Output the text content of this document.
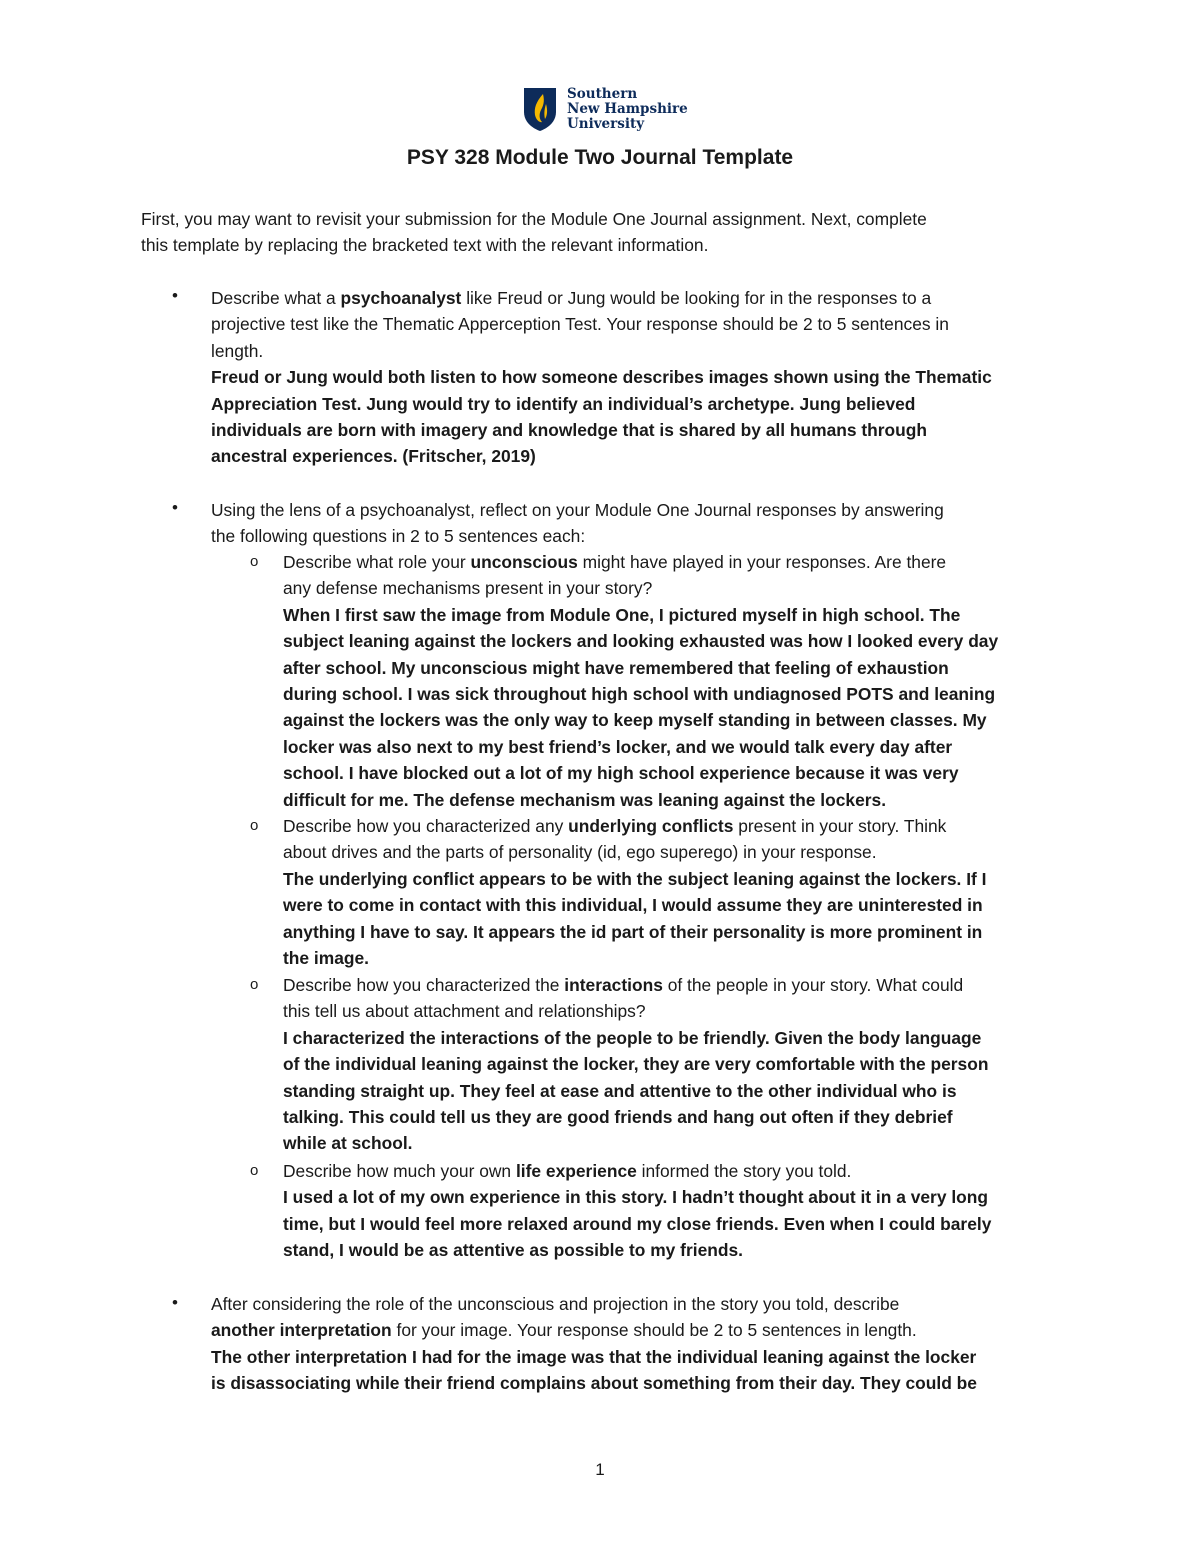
Southern
New Hampshire
University
PSY 328 Module Two Journal Template
First, you may want to revisit your submission for the Module One Journal assignment. Next, complete
this template by replacing the bracketed text with the relevant information.
• Describe what a psychoanalyst like Freud or Jung would be looking for in the responses to a
projective test like the Thematic Apperception Test. Your response should be 2 to 5 sentences in
length.
Freud or Jung would both listen to how someone describes images shown using the Thematic
Appreciation Test. Jung would try to identify an individual’s archetype. Jung believed
individuals are born with imagery and knowledge that is shared by all humans through
ancestral experiences. (Fritscher, 2019)
• Using the lens of a psychoanalyst, reflect on your Module One Journal responses by answering
the following questions in 2 to 5 sentences each:
o Describe what role your unconscious might have played in your responses. Are there
any defense mechanisms present in your story?
When I first saw the image from Module One, I pictured myself in high school. The
subject leaning against the lockers and looking exhausted was how I looked every day
after school. My unconscious might have remembered that feeling of exhaustion
during school. I was sick throughout high school with undiagnosed POTS and leaning
against the lockers was the only way to keep myself standing in between classes. My
locker was also next to my best friend’s locker, and we would talk every day after
school. I have blocked out a lot of my high school experience because it was very
difficult for me. The defense mechanism was leaning against the lockers.
o Describe how you characterized any underlying conflicts present in your story. Think
about drives and the parts of personality (id, ego superego) in your response.
The underlying conflict appears to be with the subject leaning against the lockers. If I
were to come in contact with this individual, I would assume they are uninterested in
anything I have to say. It appears the id part of their personality is more prominent in
the image.
o Describe how you characterized the interactions of the people in your story. What could
this tell us about attachment and relationships?
I characterized the interactions of the people to be friendly. Given the body language
of the individual leaning against the locker, they are very comfortable with the person
standing straight up. They feel at ease and attentive to the other individual who is
talking. This could tell us they are good friends and hang out often if they debrief
while at school.
o Describe how much your own life experience informed the story you told.
I used a lot of my own experience in this story. I hadn’t thought about it in a very long
time, but I would feel more relaxed around my close friends. Even when I could barely
stand, I would be as attentive as possible to my friends.
• After considering the role of the unconscious and projection in the story you told, describe
another interpretation for your image. Your response should be 2 to 5 sentences in length.
The other interpretation I had for the image was that the individual leaning against the locker
is disassociating while their friend complains about something from their day. They could be
1
